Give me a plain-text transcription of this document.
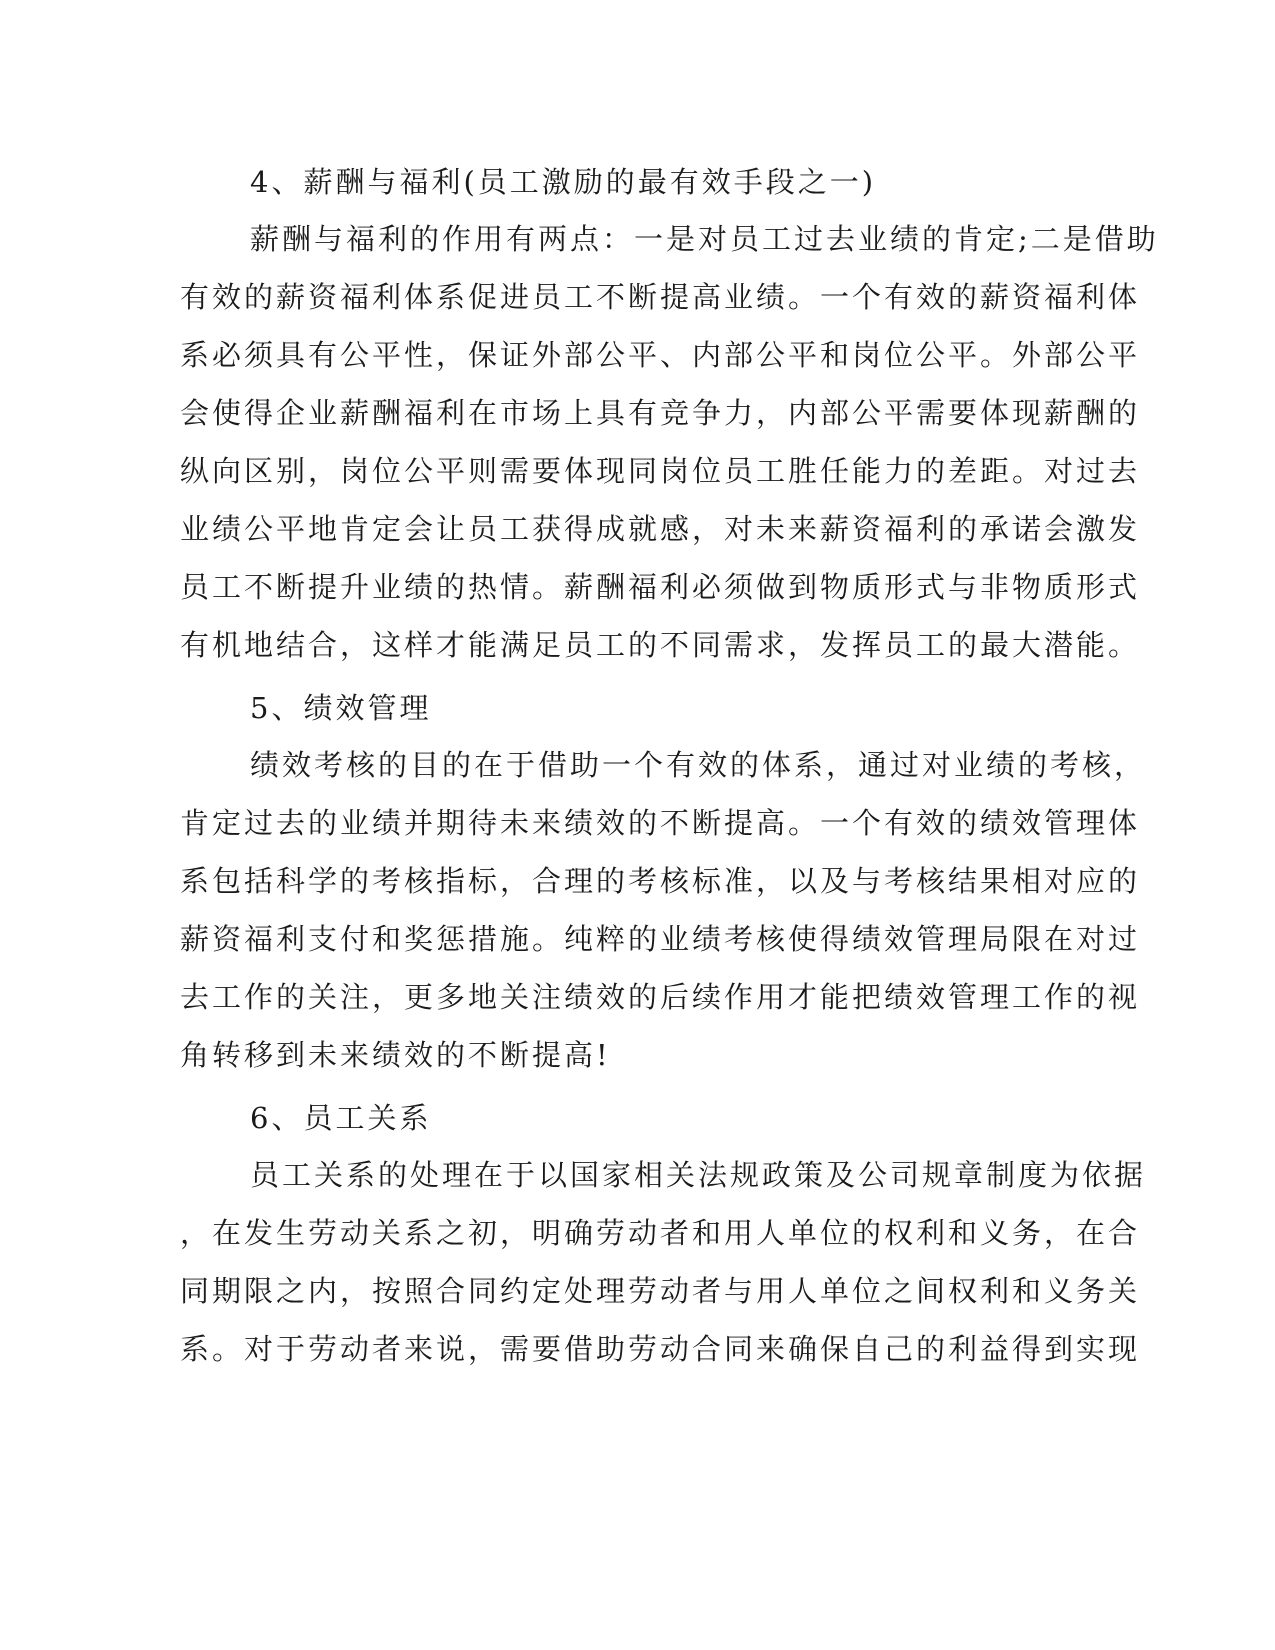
4、薪酬与福利(员工激励的最有效手段之一)
薪酬与福利的作用有两点：一是对员工过去业绩的肯定;二是借助
有效的薪资福利体系促进员工不断提高业绩。一个有效的薪资福利体
系必须具有公平性，保证外部公平、内部公平和岗位公平。外部公平
会使得企业薪酬福利在市场上具有竞争力，内部公平需要体现薪酬的
纵向区别，岗位公平则需要体现同岗位员工胜任能力的差距。对过去
业绩公平地肯定会让员工获得成就感，对未来薪资福利的承诺会激发
员工不断提升业绩的热情。薪酬福利必须做到物质形式与非物质形式
有机地结合，这样才能满足员工的不同需求，发挥员工的最大潜能。
5、绩效管理
绩效考核的目的在于借助一个有效的体系，通过对业绩的考核，
肯定过去的业绩并期待未来绩效的不断提高。一个有效的绩效管理体
系包括科学的考核指标，合理的考核标准，以及与考核结果相对应的
薪资福利支付和奖惩措施。纯粹的业绩考核使得绩效管理局限在对过
去工作的关注，更多地关注绩效的后续作用才能把绩效管理工作的视
角转移到未来绩效的不断提高!
6、员工关系
员工关系的处理在于以国家相关法规政策及公司规章制度为依据
，在发生劳动关系之初，明确劳动者和用人单位的权利和义务，在合
同期限之内，按照合同约定处理劳动者与用人单位之间权利和义务关
系。对于劳动者来说，需要借助劳动合同来确保自己的利益得到实现
